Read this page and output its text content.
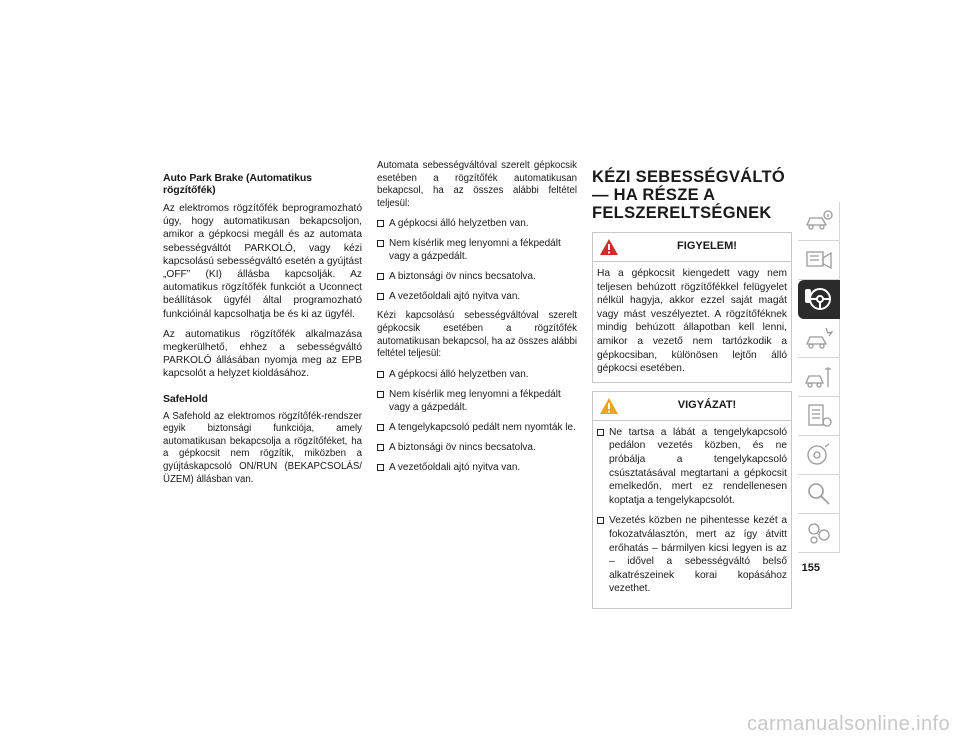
Auto Park Brake (Automatikus rögzítőfék)

Az elektromos rögzítőfék beprogramozható úgy, hogy automatikusan bekapcsoljon, amikor a gépkocsi megáll és az automata sebességváltót PARKOLÓ, vagy kézi kapcsolású sebességváltó esetén a gyújtást „OFF” (KI) állásba kapcsolják. Az automatikus rögzítőfék funkciót a Uconnect beállítások ügyfél által programozható funkcióinál kapcsolhatja be és ki az ügyfél.

Az automatikus rögzítőfék alkalmazása megkerülhető, ehhez a sebességváltó PARKOLÓ állásában nyomja meg az EPB kapcsolót a helyzet kioldásához.

SafeHold

A Safehold az elektromos rögzítőfék-rendszer egyik biztonsági funkciója, amely automatikusan bekapcsolja a rögzítőféket, ha a gépkocsit nem rögzítik, miközben a gyújtáskapcsoló ON/RUN (BEKAPCSOLÁS/ÜZEM) állásban van.

Automata sebességváltóval szerelt gépkocsik esetében a rögzítőfék automatikusan bekapcsol, ha az összes alábbi feltétel teljesül:

A gépkocsi álló helyzetben van.
Nem kísérlik meg lenyomni a fékpedált vagy a gázpedált.
A biztonsági öv nincs becsatolva.
A vezetőoldali ajtó nyitva van.

Kézi kapcsolású sebességváltóval szerelt gépkocsik esetében a rögzítőfék automatikusan bekapcsol, ha az összes alábbi feltétel teljesül:

A gépkocsi álló helyzetben van.
Nem kísérlik meg lenyomni a fékpedált vagy a gázpedált.
A tengelykapcsoló pedált nem nyomták le.
A biztonsági öv nincs becsatolva.
A vezetőoldali ajtó nyitva van.
KÉZI SEBESSÉGVÁLTÓ — HA RÉSZE A FELSZERELTSÉGNEK
FIGYELEM!

Ha a gépkocsit kiengedett vagy nem teljesen behúzott rögzítőfékkel felügyelet nélkül hagyja, akkor ezzel saját magát vagy mást veszélyeztet. A rögzítőféknek mindig behúzott állapotban kell lenni, amikor a vezető nem tartózkodik a gépkocsiban, különösen lejtőn álló gépkocsi esetében.

VIGYÁZAT!
Ne tartsa a lábát a tengelykapcsoló pedálon vezetés közben, és ne próbálja a tengelykapcsoló csúsztatásával megtartani a gépkocsit emelkedőn, mert ez rendellenesen koptatja a tengelykapcsolót.
Vezetés közben ne pihentesse kezét a fokozatválasztón, mert az így átvitt erőhatás – bármilyen kicsi legyen is az – idővel a sebességváltó belső alkatrészeinek korai kopásához vezethet.
155
carmanualsonline.info
